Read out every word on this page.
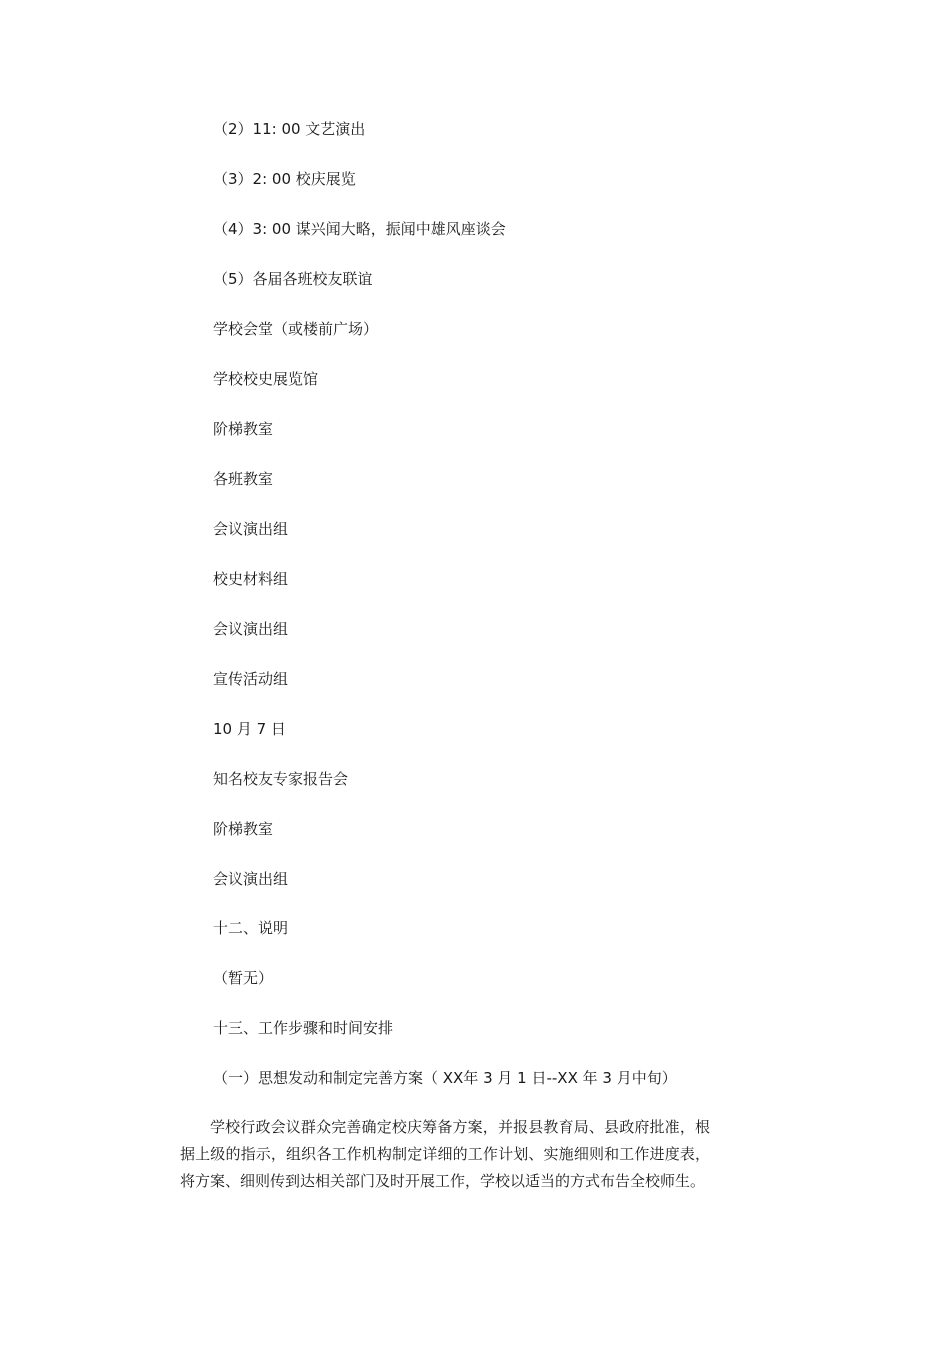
（2）11: 00 文艺演出
（3）2: 00 校庆展览
（4）3: 00 谋兴闻大略，振闻中雄风座谈会
（5）各届各班校友联谊
学校会堂（或楼前广场）
学校校史展览馆
阶梯教室
各班教室
会议演出组
校史材料组
会议演出组
宣传活动组
10 月 7 日
知名校友专家报告会
阶梯教室
会议演出组
十二、说明
（暂无）
十三、工作步骤和时间安排
（一）思想发动和制定完善方案（ XX年 3 月 1 日--XX 年 3 月中旬）
学校行政会议群众完善确定校庆筹备方案，并报县教育局、县政府批准，根据上级的指示，组织各工作机构制定详细的工作计划、实施细则和工作进度表，将方案、细则传到达相关部门及时开展工作，学校以适当的方式布告全校师生。
